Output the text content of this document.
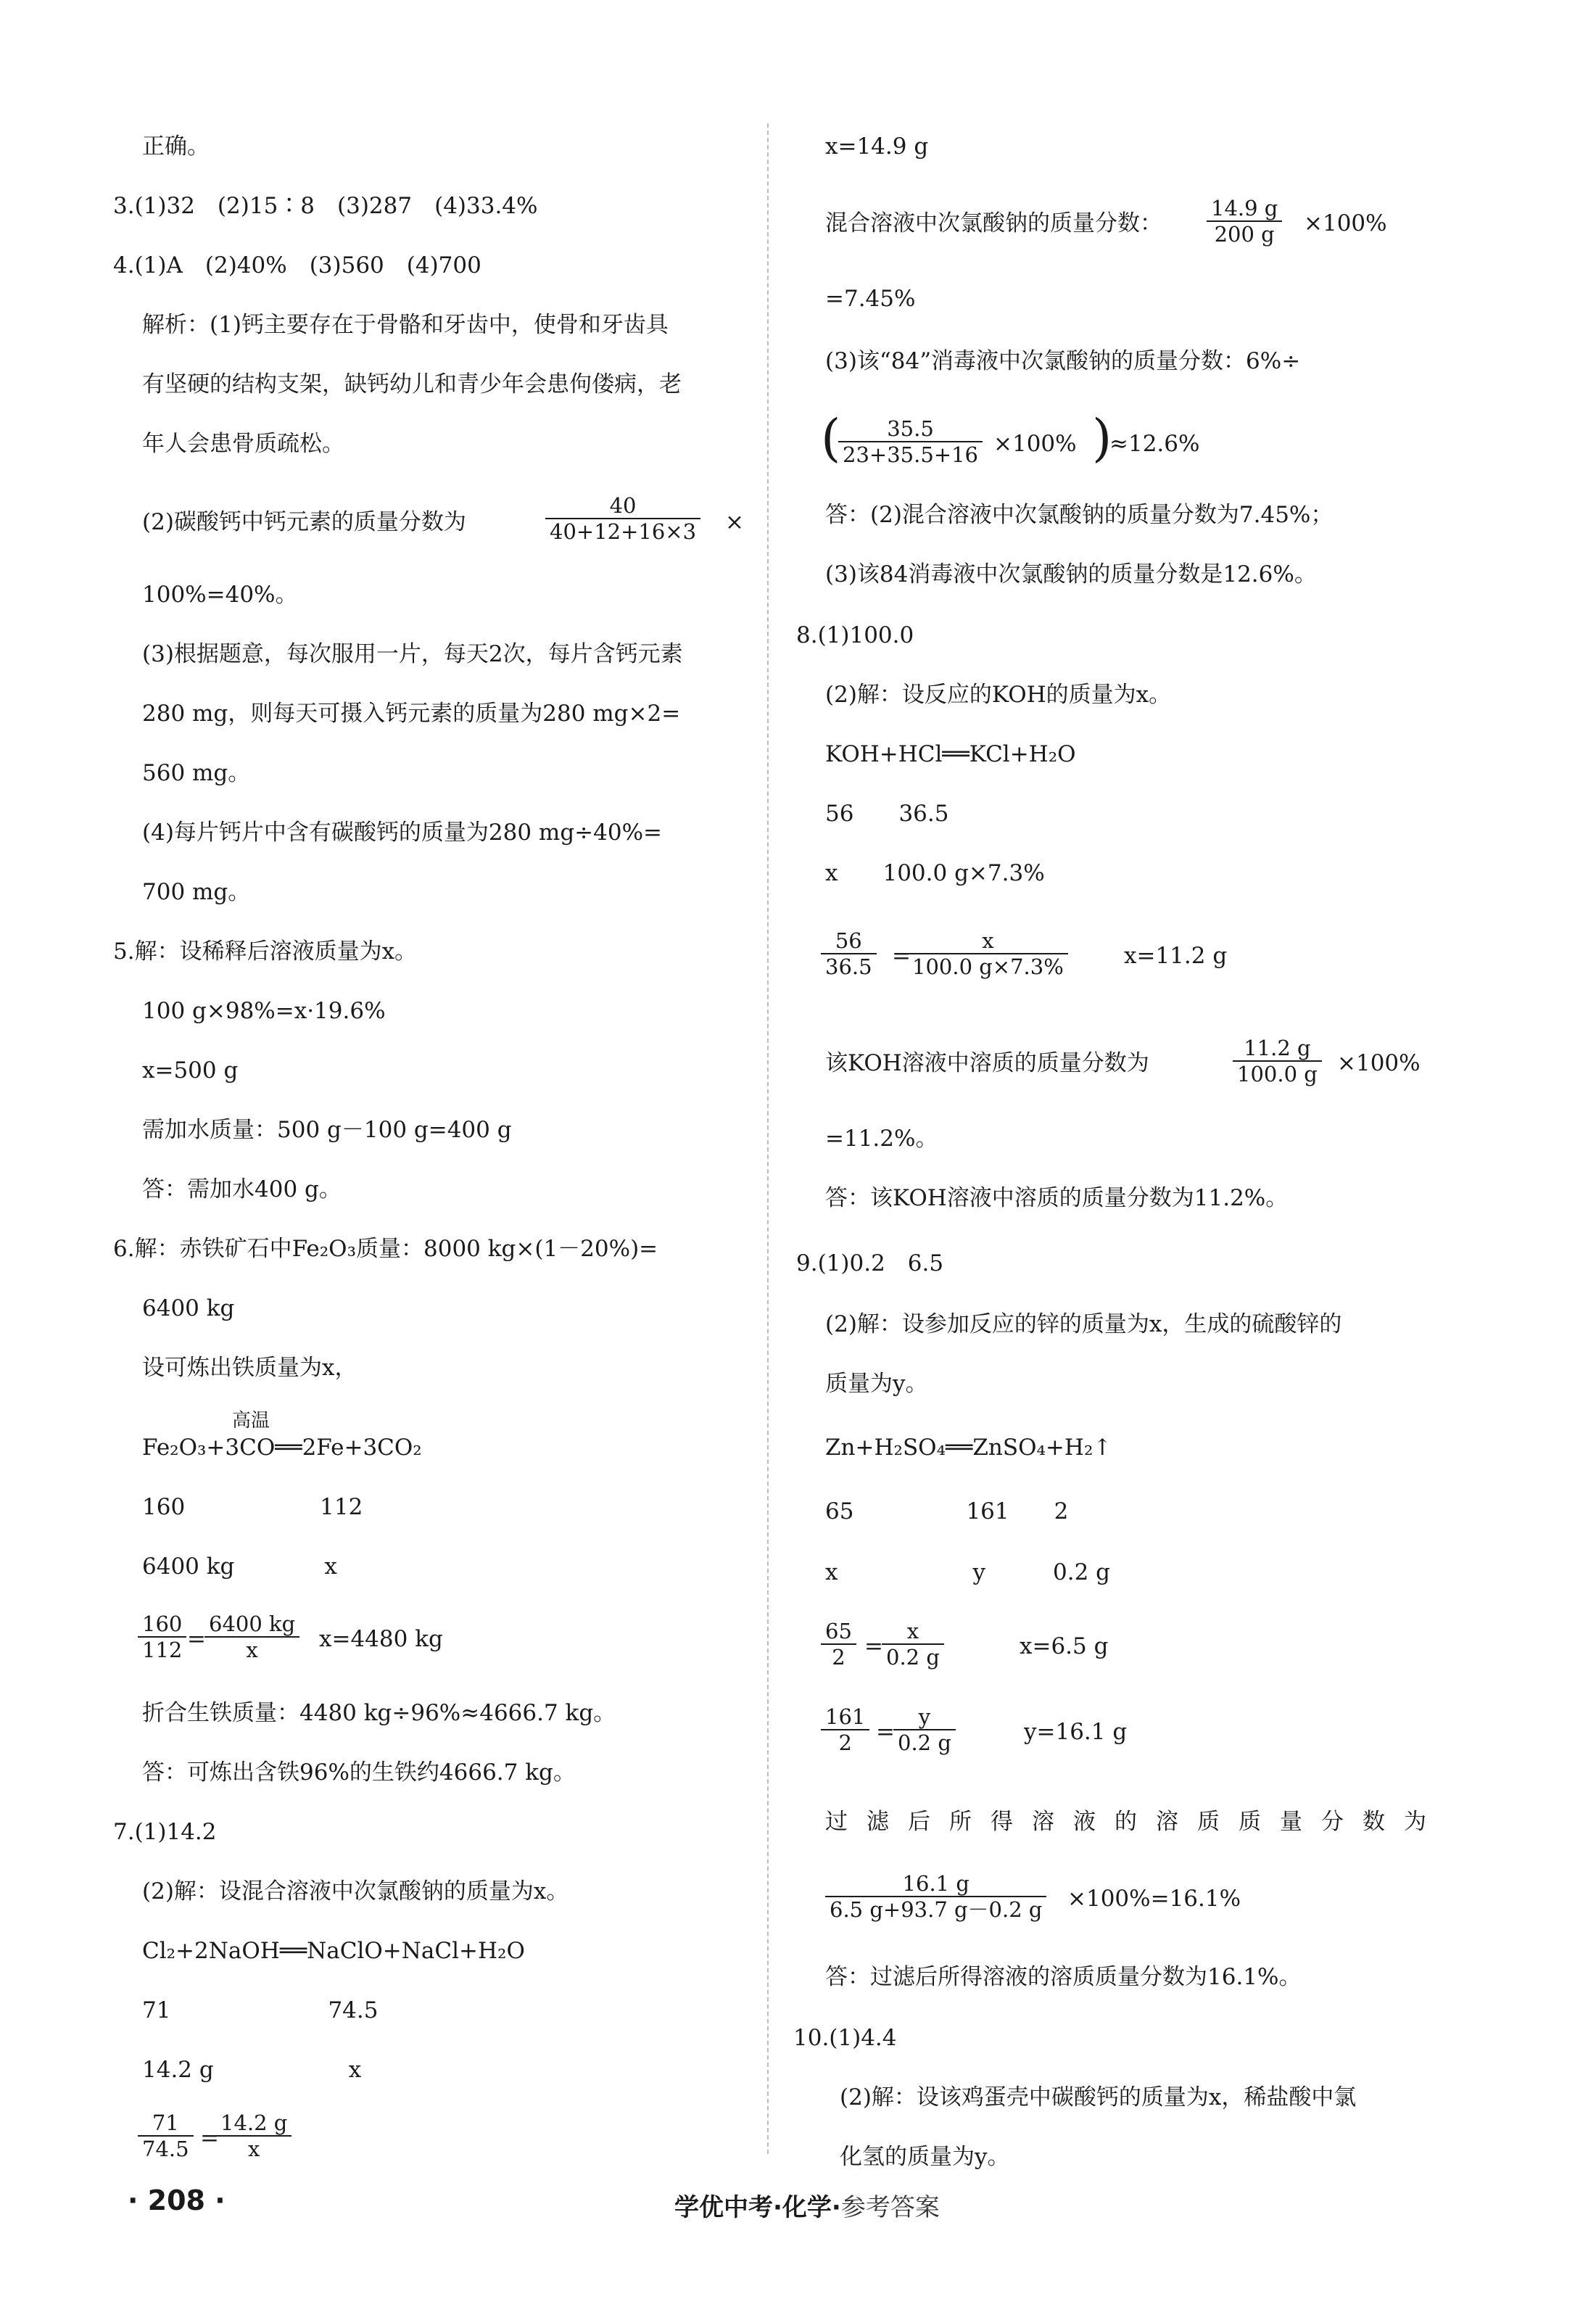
正确。
3.(1)32　(2)15∶8　(3)287　(4)33.4%
4.(1)A　(2)40%　(3)560　(4)700
解析：(1)钙主要存在于骨骼和牙齿中，使骨和牙齿具
有坚硬的结构支架，缺钙幼儿和青少年会患佝偻病，老
年人会患骨质疏松。
(2)碳酸钙中钙元素的质量分数为	$\frac{40}{40+12+16\times 3}$ ×
100%=40%。
(3)根据题意，每次服用一片，每天2次，每片含钙元素
280 mg，则每天可摄入钙元素的质量为280 mg×2=
560 mg。
(4)每片钙片中含有碳酸钙的质量为280 mg÷40%=
700 mg。
5.解：设稀释后溶液质量为x。
100 g×98%=x·19.6%
x=500 g
需加水质量：500 g－100 g=400 g
答：需加水400 g。
6.解：赤铁矿石中Fe₂O₃质量：8000 kg×(1－20%)=
6400 kg
设可炼出铁质量为x，
高温
Fe₂O₃+3CO══2Fe+3CO₂
160　　　　　　112
6400 kg　　　　x
$\frac{160}{112}$ =
$\frac{6400 kg}{x} x=4480$ kg
折合生铁质量：4480 kg÷96%≈4666.7 kg。
答：可炼出含铁96%的生铁约4666.7 kg。
7.(1)14.2
(2)解：设混合溶液中次氯酸钠的质量为x。
Cl₂+2NaOH══NaClO+NaCl+H₂O
71　　　　　　　74.5
14.2 g　　　　　　x
$\frac{71}{74.5}$ =
$\frac{14.2 g}{x}$
x=14.9 g
混合溶液中次氯酸钠的质量分数： $\frac{14.9 g}{200 g} \times 100\%$
=7.45%
(3)该“84”消毒液中次氯酸钠的质量分数：6%÷
(
$\frac{35.5}{23+35.5+16} \times 100\%$ )
≈12.6%
答：(2)混合溶液中次氯酸钠的质量分数为7.45%；
(3)该84消毒液中次氯酸钠的质量分数是12.6%。
8.(1)100.0
(2)解：设反应的KOH的质量为x。
KOH+HCl══KCl+H₂O
56　　36.5
x　　100.0 g×7.3%
$\frac{56}{36.5}$ =
$\frac{x}{100.0 g\times 7.3\%} x=11.2$ g
该KOH溶液中溶质的质量分数为	$\frac{11.2 g}{100.0 g} \times 100\%$
=11.2%。
答：该KOH溶液中溶质的质量分数为11.2%。
9.(1)0.2　6.5
(2)解：设参加反应的锌的质量为x，生成的硫酸锌的
质量为y。
Zn+H₂SO₄══ZnSO₄+H₂↑
65　　　　　161　　2
x　　　　　　y　　　0.2 g
$\frac{65}{2}$ =
$\frac{x}{0.2 g}$	x=6.5 g
$\frac{161}{2}$ =
$\frac{y}{0.2 g}$	y=16.1 g
过滤后所得溶液的溶质质量分数为
$\frac{16.1 g}{6.5 g+93.7 g-0.2 g} \times 100\%=16.1\%$
答：过滤后所得溶液的溶质质量分数为16.1%。
10.(1)4.4
(2)解：设该鸡蛋壳中碳酸钙的质量为x，稀盐酸中氯
化氢的质量为y。
· 208 ·	学优中考·化学·参考答案
